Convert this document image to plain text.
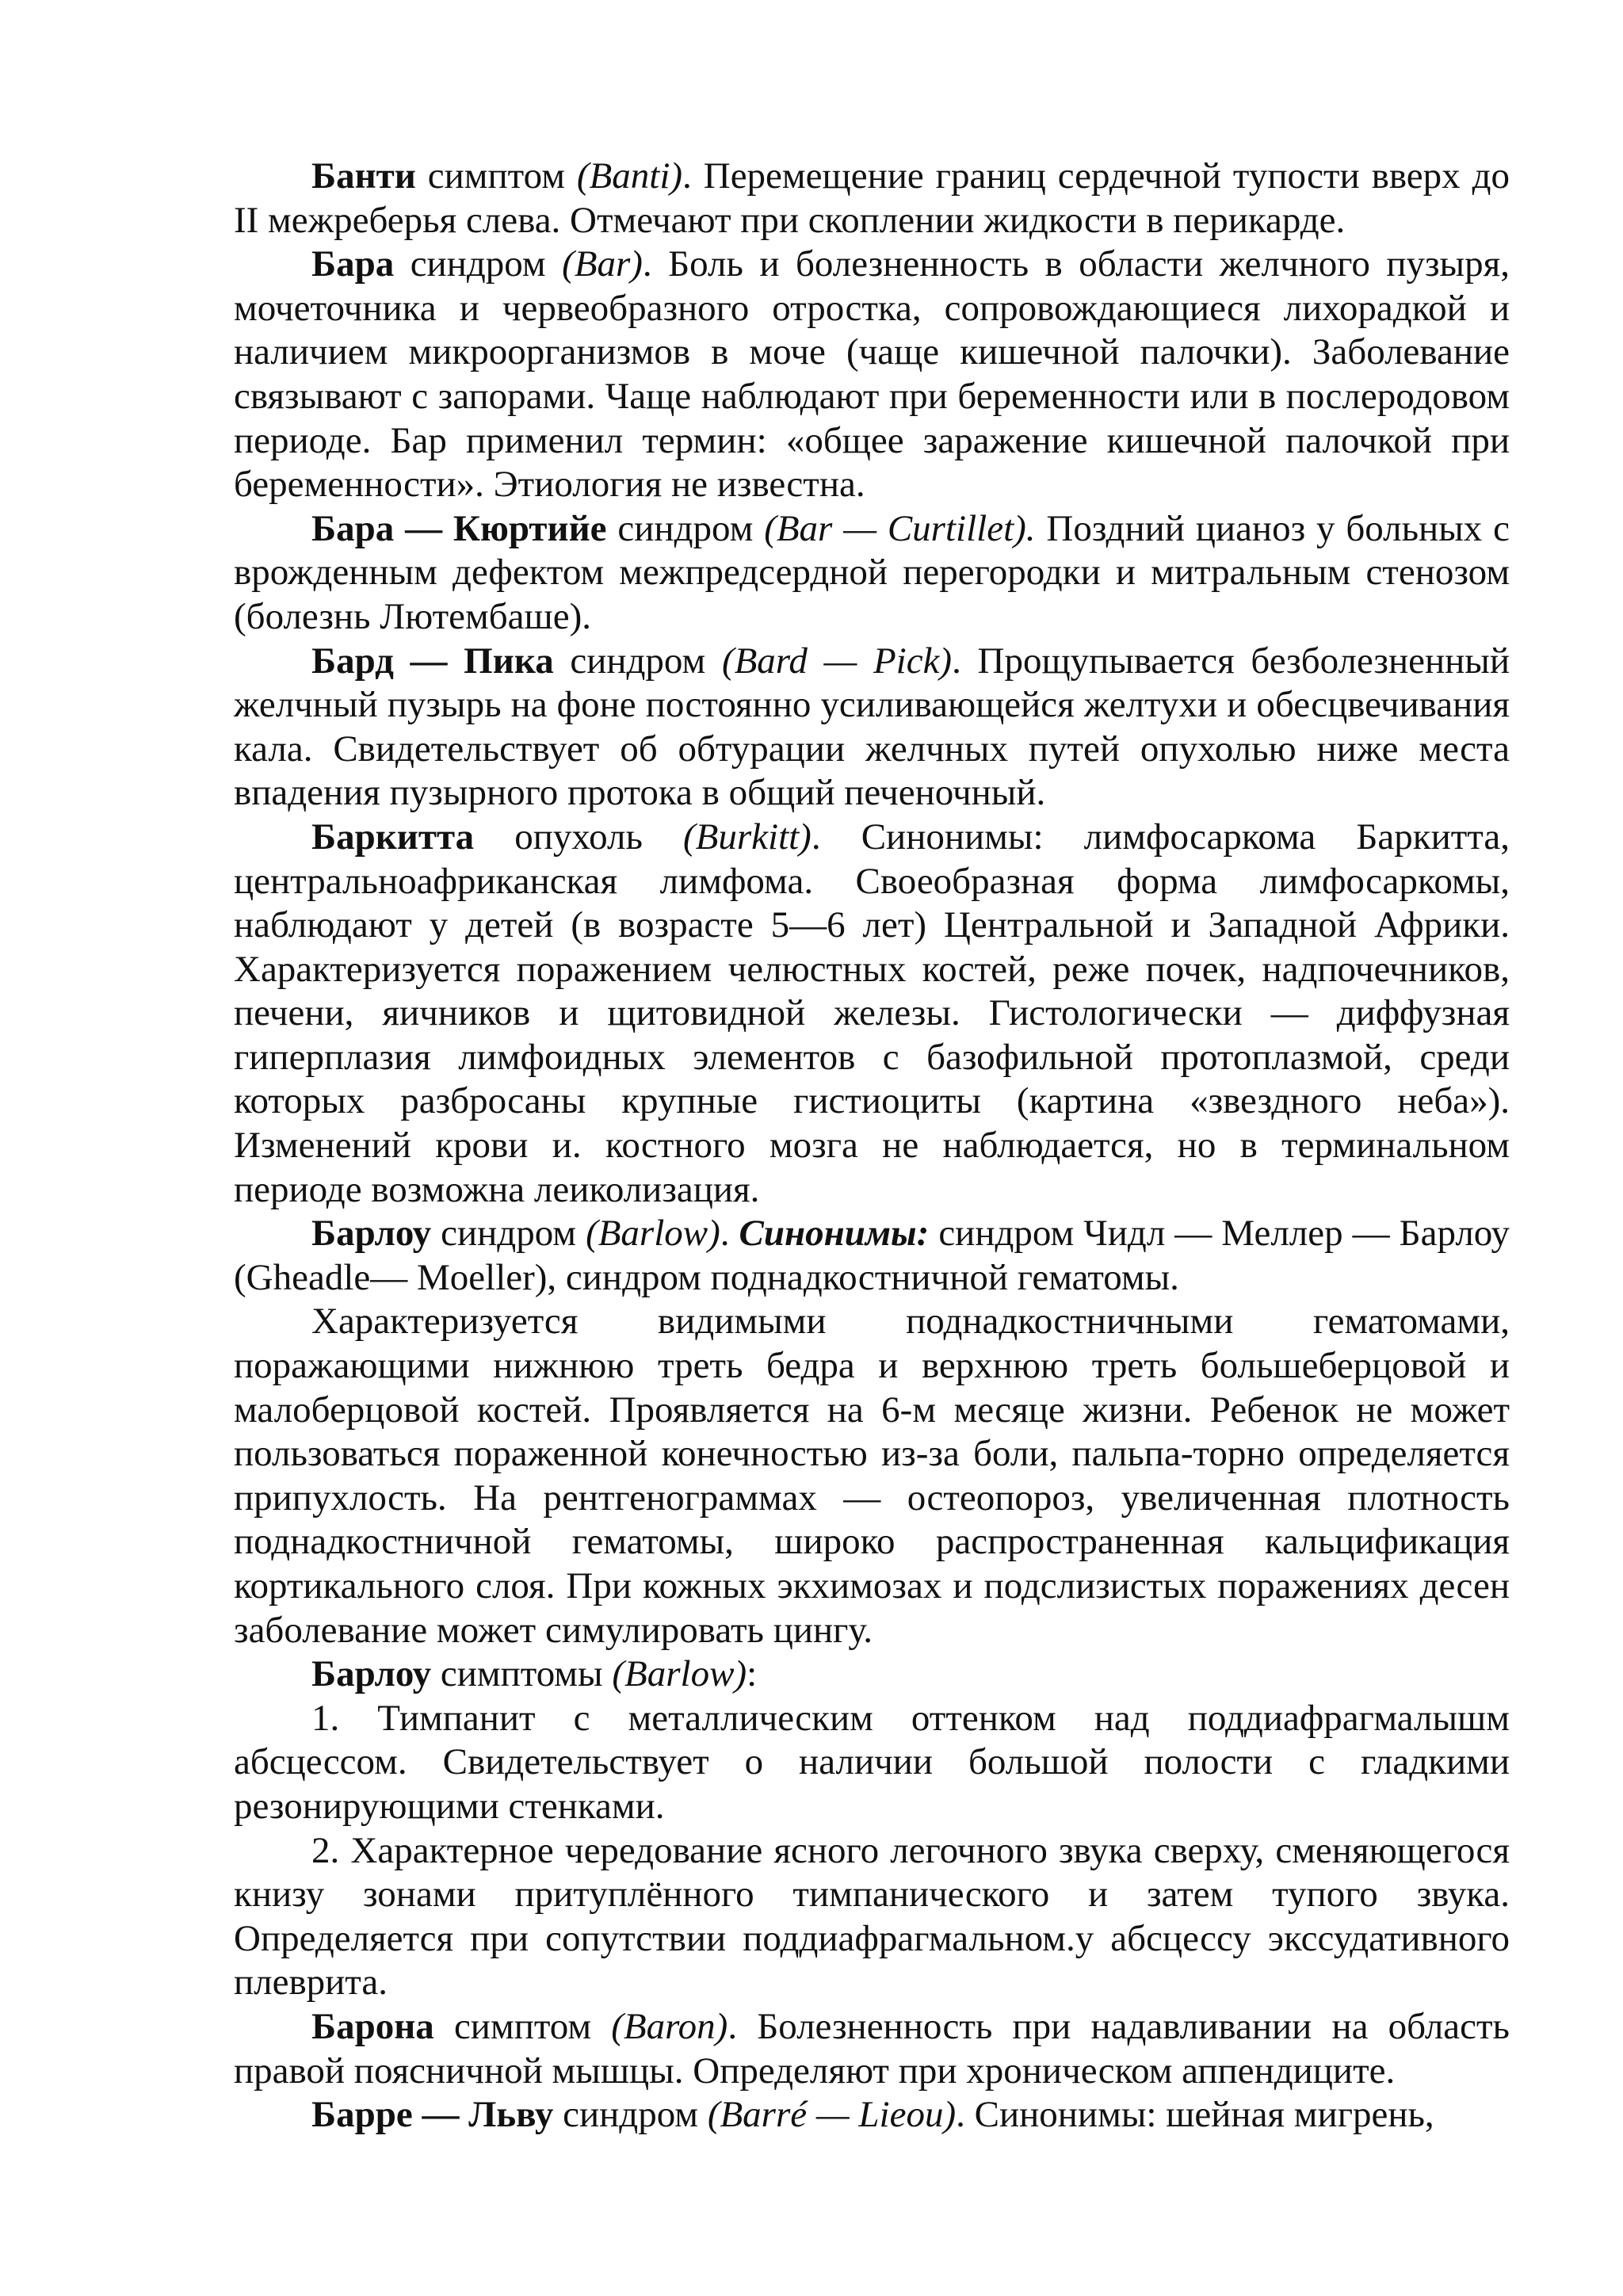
Банти симптом (Banti). Перемещение границ сердечной тупости вверх до II межреберья слева. Отмечают при скоплении жидкости в перикарде.

Бара синдром (Bar). Боль и болезненность в области желчного пузыря, мочеточника и червеобразного отростка, сопровождающиеся лихорадкой и наличием микроорганизмов в моче (чаще кишечной палочки). Заболевание связывают с запорами. Чаще наблюдают при беременности или в послеродовом периоде. Бар применил термин: «общее заражение кишечной палочкой при беременности». Этиология не известна.

Бара — Кюртийе синдром (Bar — Curtillet). Поздний цианоз у больных с врожденным дефектом межпредсердной перегородки и митральным стенозом (болезнь Лютембаше).

Бард — Пика синдром (Bard — Pick). Прощупывается безболезненный желчный пузырь на фоне постоянно усиливающейся желтухи и обесцвечивания кала. Свидетельствует об обтурации желчных путей опухолью ниже места впадения пузырного протока в общий печеночный.

Баркитта опухоль (Burkitt). Синонимы: лимфосаркома Баркитта, центральноафриканская лимфома. Своеобразная форма лимфосаркомы, наблюдают у детей (в возрасте 5—6 лет) Центральной и Западной Африки. Характеризуется поражением челюстных костей, реже почек, надпочечников, печени, яичников и щитовидной железы. Гистологически — диффузная гиперплазия лимфоидных элементов с базофильной протоплазмой, среди которых разбросаны крупные гистиоциты (картина «звездного неба»). Изменений крови и. костного мозга не наблюдается, но в терминальном периоде возможна леиколизация.

Барлоу синдром (Barlow). Синонимы: синдром Чидл — Меллер — Барлоу (Gheadle— Moeller), синдром поднадкостничной гематомы.

Характеризуется видимыми поднадкостничными гематомами, поражающими нижнюю треть бедра и верхнюю треть большеберцовой и малоберцовой костей. Проявляется на 6-м месяце жизни. Ребенок не может пользоваться пораженной конечностью из-за боли, пальпа-торно определяется припухлость. На рентгенограммах — остеопороз, увеличенная плотность поднадкостничной гематомы, широко распространенная кальцификация кортикального слоя. При кожных экхимозах и подслизистых поражениях десен заболевание может симулировать цингу.

Барлоу симптомы (Barlow):

1. Тимпанит с металлическим оттенком над поддиафрагмалышм абсцессом. Свидетельствует о наличии большой полости с гладкими резонирующими стенками.

2. Характерное чередование ясного легочного звука сверху, сменяющегося книзу зонами притуплённого тимпанического и затем тупого звука. Определяется при сопутствии поддиафрагмальном.у абсцессу экссудативного плеврита.

Барона симптом (Baron). Болезненность при надавливании на область правой поясничной мышцы. Определяют при хроническом аппендиците.

Барре — Льву синдром (Barré — Lieou). Синонимы: шейная мигрень,
